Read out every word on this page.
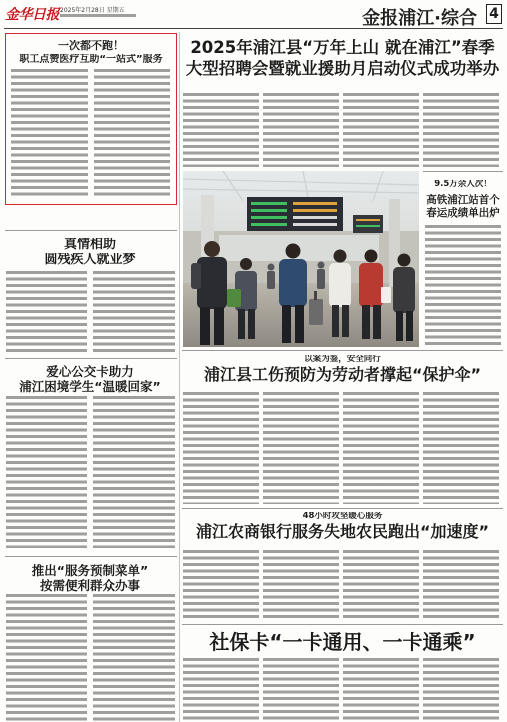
金华日报 2025年2月28日 星期五	金报浦江·综合 4
一次都不跑！
职工点赞医疗互助“一站式”服务
真情相助
圆残疾人就业梦
爱心公交卡助力
浦江困境学生“温暖回家”
推出“服务预制菜单”
按需便利群众办事
2025年浦江县“万年上山 就在浦江”春季
大型招聘会暨就业援助月启动仪式成功举办
9.5万余人次！
高铁浦江站首个
春运成绩单出炉
以案为鉴，安全同行
浦江县工伤预防为劳动者撑起“保护伞”
48小时攻坚暖心服务
浦江农商银行服务失地农民跑出“加速度”
社保卡“一卡通用、一卡通乘”
